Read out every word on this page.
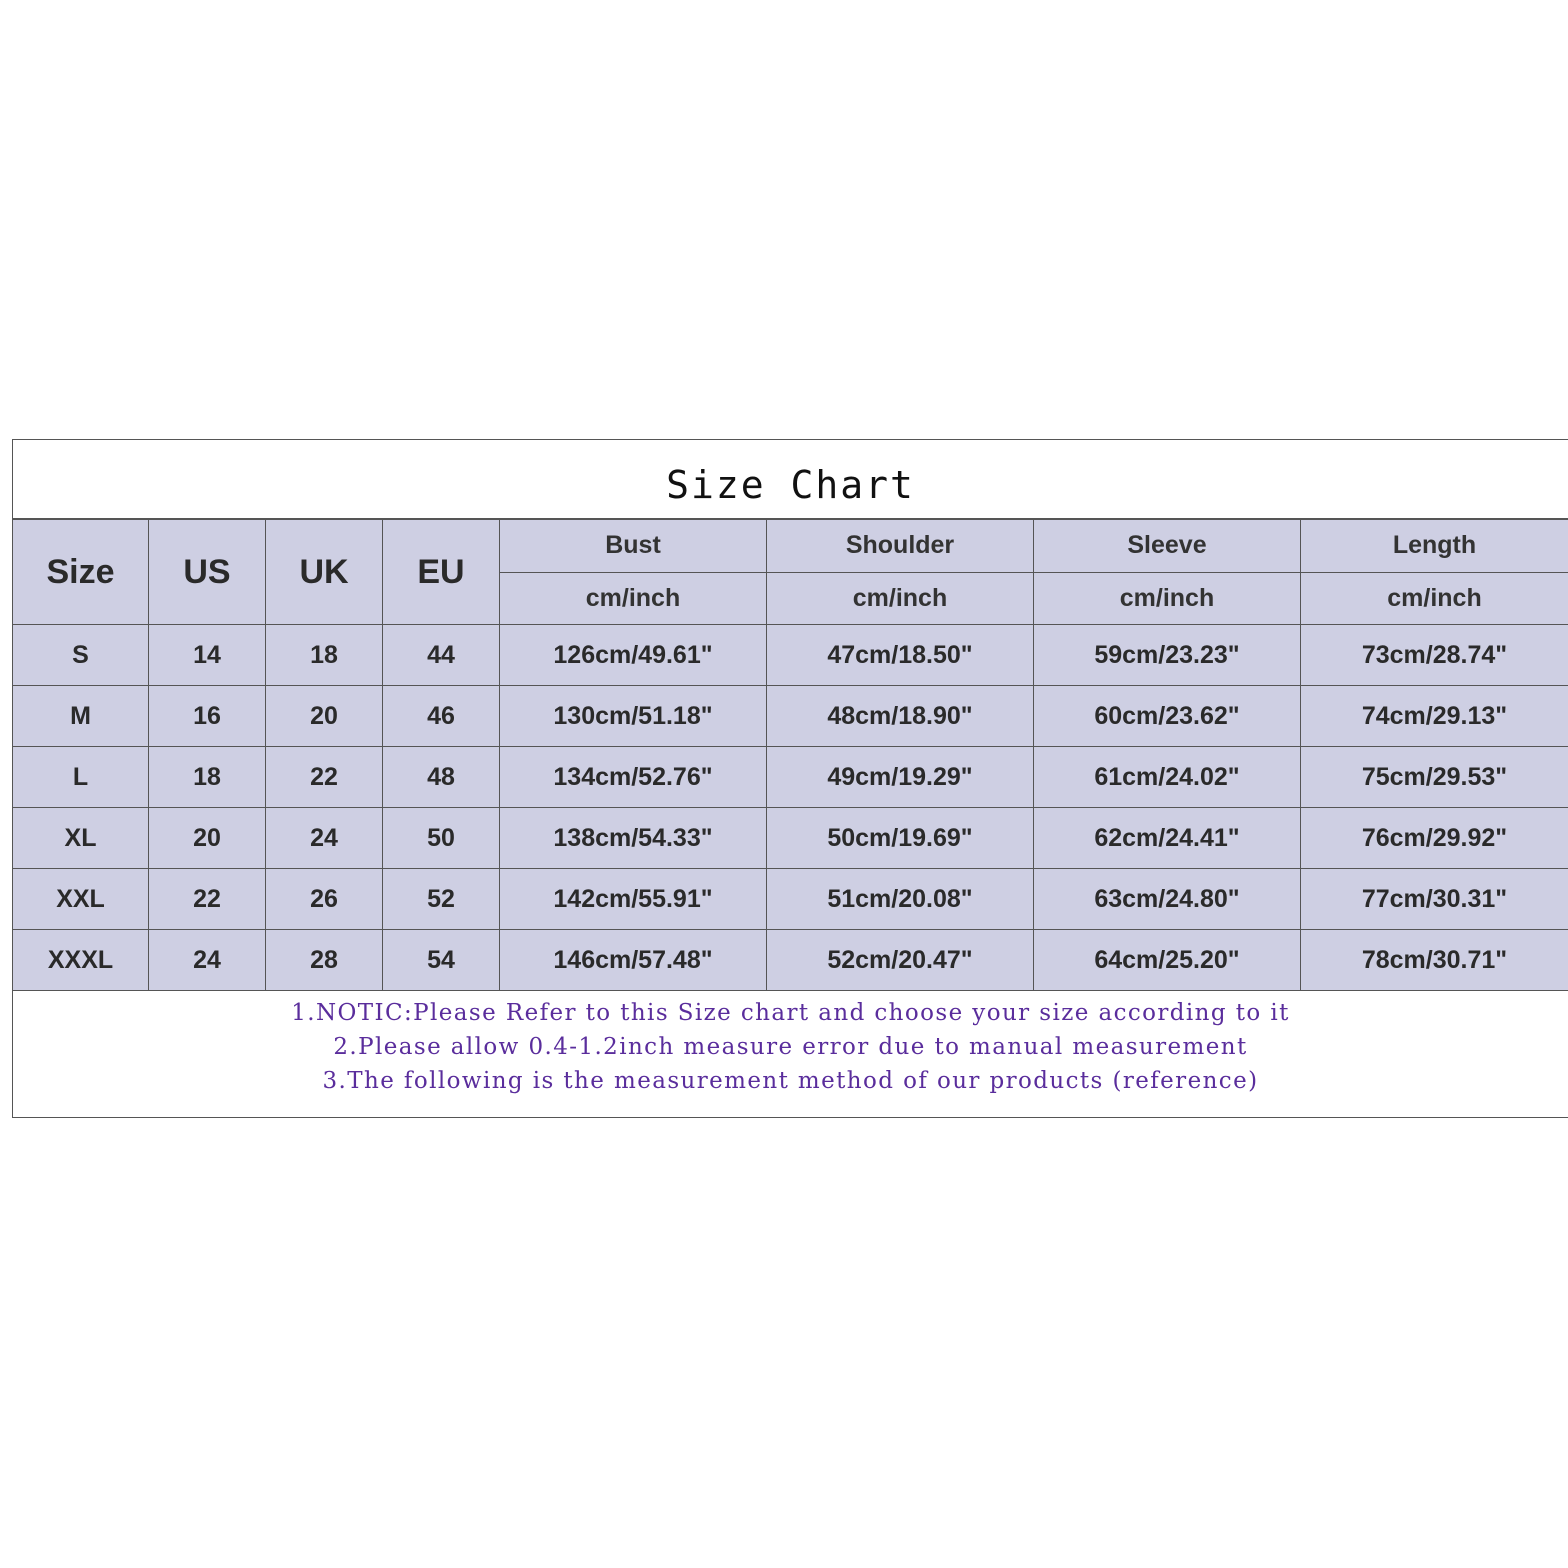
Size Chart
Size	US	UK	EU	Bust	Shoulder	Sleeve	Length
				cm/inch	cm/inch	cm/inch	cm/inch
S	14	18	44	126cm/49.61"	47cm/18.50"	59cm/23.23"	73cm/28.74"
M	16	20	46	130cm/51.18"	48cm/18.90"	60cm/23.62"	74cm/29.13"
L	18	22	48	134cm/52.76"	49cm/19.29"	61cm/24.02"	75cm/29.53"
XL	20	24	50	138cm/54.33"	50cm/19.69"	62cm/24.41"	76cm/29.92"
XXL	22	26	52	142cm/55.91"	51cm/20.08"	63cm/24.80"	77cm/30.31"
XXXL	24	28	54	146cm/57.48"	52cm/20.47"	64cm/25.20"	78cm/30.71"
1.NOTIC:Please Refer to this Size chart and choose your size according to it
2.Please allow 0.4-1.2inch measure error due to manual measurement
3.The following is the measurement method of our products (reference)
